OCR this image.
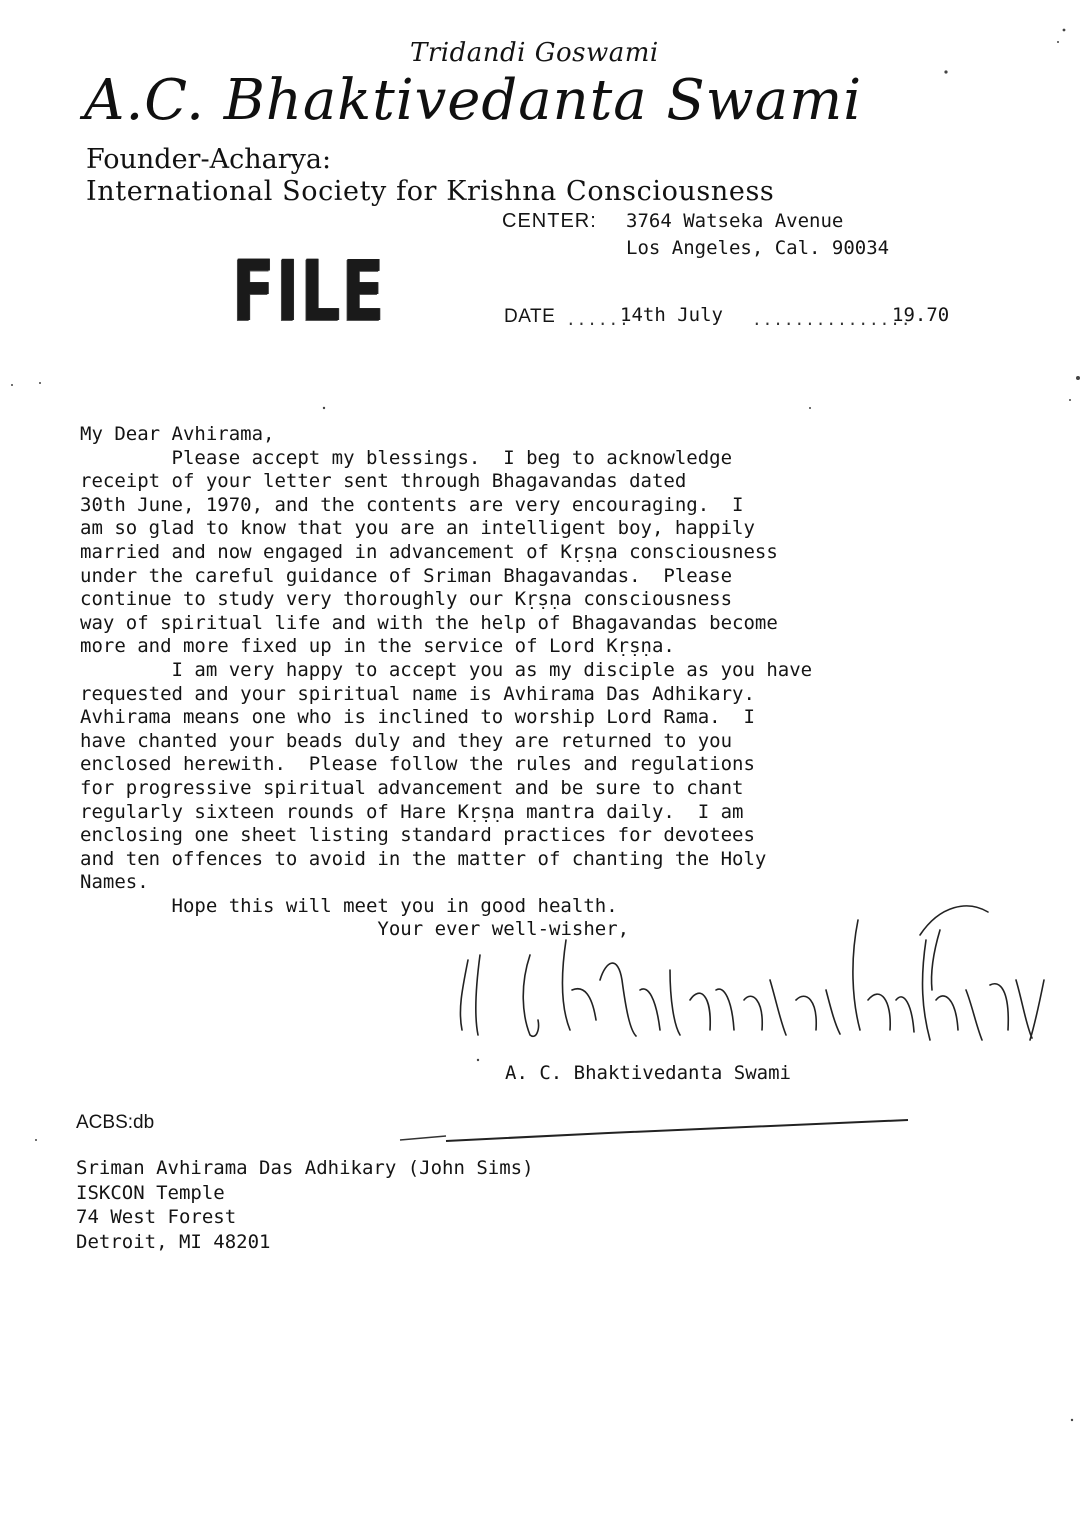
Tridandi Goswami
A.C. Bhaktivedanta Swami
Founder-Acharya:
International Society for Krishna Consciousness
CENTER: 3764 Watseka Avenue
Los Angeles, Cal. 90034
FILE	DATE ......
14th July ...............
19.70
My Dear Avhirama,
Please accept my blessings.  I beg to acknowledge
receipt of your letter sent through Bhagavandas dated
30th June, 1970, and the contents are very encouraging.  I
am so glad to know that you are an intelligent boy, happily
married and now engaged in advancement of Kṛṣṇa consciousness
under the careful guidance of Sriman Bhagavandas.  Please
continue to study very thoroughly our Kṛṣṇa consciousness
way of spiritual life and with the help of Bhagavandas become
more and more fixed up in the service of Lord Kṛṣṇa.
I am very happy to accept you as my disciple as you have
requested and your spiritual name is Avhirama Das Adhikary.
Avhirama means one who is inclined to worship Lord Rama.  I
have chanted your beads duly and they are returned to you
enclosed herewith.  Please follow the rules and regulations
for progressive spiritual advancement and be sure to chant
regularly sixteen rounds of Hare Kṛṣṇa mantra daily.  I am
enclosing one sheet listing standard practices for devotees
and ten offences to avoid in the matter of chanting the Holy
Names.
Hope this will meet you in good health.
Your ever well-wisher,
A. C. Bhaktivedanta Swami
ACBS:db
Sriman Avhirama Das Adhikary (John Sims)
ISKCON Temple
74 West Forest
Detroit, MI 48201
